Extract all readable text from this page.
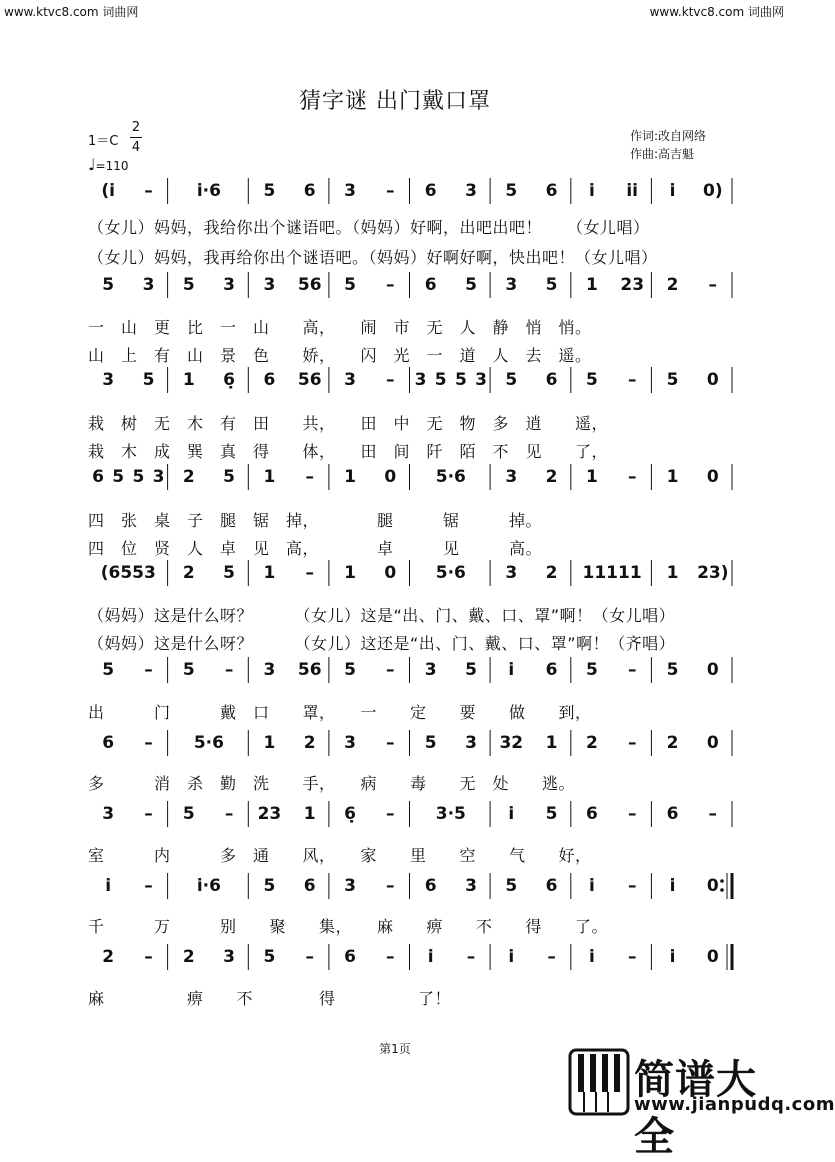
www.ktvc8.com 词曲网	www.ktvc8.com 词曲网
猜字谜 出门戴口罩
1＝C
2
4
♩=110
作词:改自网络
作曲:高吉魁
(i̇ –	i̇·6	5 6 3 – 6 3 5 6 i̇ i̇i̇ i̇ 0)
5 3 5 3 3 56 5 – 6 5 3 5 1 23 2 –
3 5 1 6̣ 6 56 3 – 3 5 5 3 5 6 5 – 5 0
6 5 5 3 2 5 1 – 1 0 5·6 3 2 1 – 1 0
(6553 2 5 1 – 1 0 5·6 3 2 11111 1 23)
5 – 5 – 3 56 5 – 3 5 i̇ 6 5 – 5 0
6 – 5·6 1 2 3 – 5 3 32 1 2 – 2 0
3 – 5 – 23 1 6̣ – 3·5	i̇ 5 6 – 6 –
i̇ –	i̇·6	5 6 3 – 6 3 5 6 i̇ – i̇ 0
2 – 2 3 5 – 6 – i̇ – i̇ – i̇ – i̇ 0
（女儿）妈妈，我给你出个谜语吧。（妈妈）好啊，出吧出吧！　　（女儿唱）
（女儿）妈妈，我再给你出个谜语吧。（妈妈）好啊好啊，快出吧！（女儿唱）
一　山　更　比　一　山　　高，　　闹　市　无　人　静　悄　悄。
山　上　有　山　景　色　　娇，　　闪　光　一　道　人　去　遥。
栽　树　无　木　有　田　　共，　　田　中　无　物　多　逍　　遥，
栽　木　成　巽　真　得　　体，　　田　间　阡　陌　不　见　　了，
四　张　桌　子　腿　锯　掉，　　　　腿　　　锯　　　掉。
四　位　贤　人　卓　见　高，　　　　卓　　　见　　　高。
（妈妈）这是什么呀？　　　（女儿）这是“出、门、戴、口、罩”啊！（女儿唱）
（妈妈）这是什么呀？　　　（女儿）这还是“出、门、戴、口、罩”啊！（齐唱）
出　　　门　　　戴　口　　罩，　　一　　定　　要　　做　　到，
多　　　消　杀　勤　洗　　手，　　病　　毒　　无　处　　逃。
室　　　内　　　多　通　　风，　　家　　里　　空　　气　　好，
千　　　万　　　别　　聚　　集，　　麻　　痹　　不　　得　　了。
麻　　　　　痹　　不　　　　得　　　　　了！
第1页
简谱大全
www.jianpudq.com
